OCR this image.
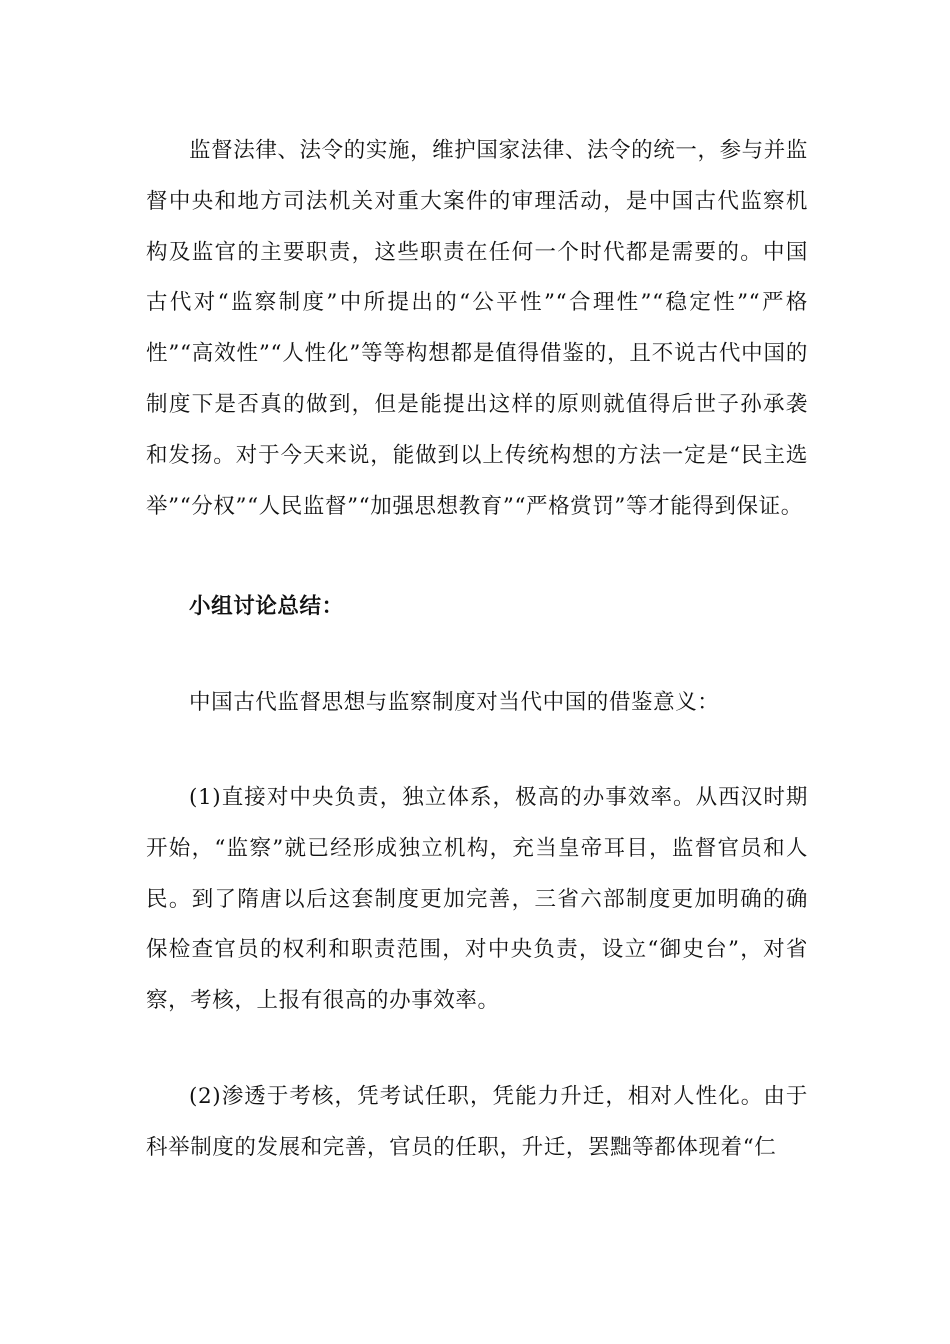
监督法律、法令的实施，维护国家法律、法令的统一，参与并监督中央和地方司法机关对重大案件的审理活动，是中国古代监察机构及监官的主要职责，这些职责在任何一个时代都是需要的。中国古代对“监察制度”中所提出的“公平性”“合理性”“稳定性”“严格性”“高效性”“人性化”等等构想都是值得借鉴的，且不说古代中国的制度下是否真的做到，但是能提出这样的原则就值得后世子孙承袭和发扬。对于今天来说，能做到以上传统构想的方法一定是“民主选举”“分权”“人民监督”“加强思想教育”“严格赏罚”等才能得到保证。

小组讨论总结：

中国古代监督思想与监察制度对当代中国的借鉴意义：

(1)直接对中央负责，独立体系，极高的办事效率。从西汉时期开始，“监察”就已经形成独立机构，充当皇帝耳目，监督官员和人民。到了隋唐以后这套制度更加完善，三省六部制度更加明确的确保检查官员的权利和职责范围，对中央负责，设立“御史台”，对省察，考核，上报有很高的办事效率。

(2)渗透于考核，凭考试任职，凭能力升迁，相对人性化。由于科举制度的发展和完善，官员的任职，升迁，罢黜等都体现着“仁
